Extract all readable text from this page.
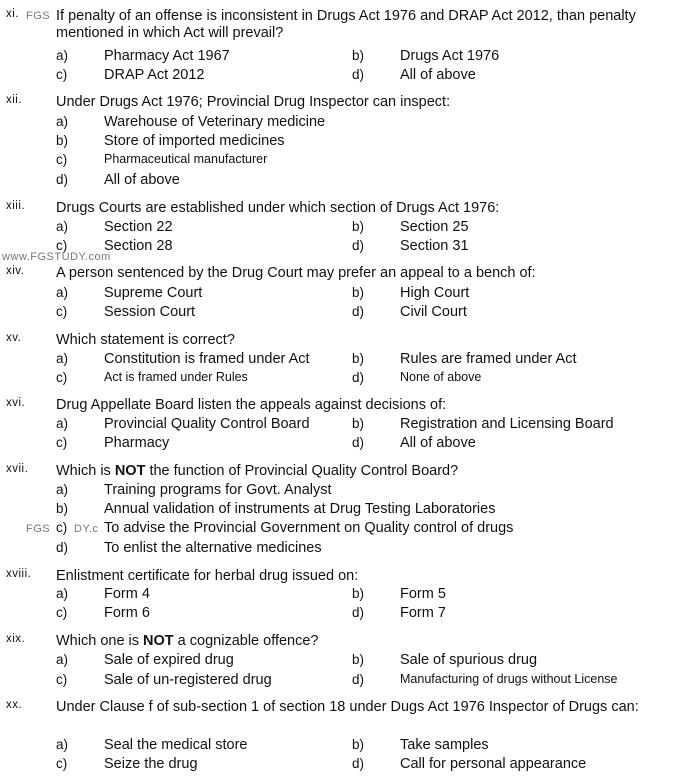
xi. FGS If penalty of an offense is inconsistent in Drugs Act 1976 and DRAP Act 2012, than penalty mentioned in which Act will prevail?
a) Pharmacy Act 1967	b) Drugs Act 1976
c)	DRAP Act 2012	d) All of above
xii. Under Drugs Act 1976; Provincial Drug Inspector can inspect:
a) Warehouse of Veterinary medicine
b) Store of imported medicines
c)	Pharmaceutical manufacturer
d) All of above
xiii. Drugs Courts are established under which section of Drugs Act 1976:
a) Section 22	b) Section 25
c)	Section 28	d) Section 31
www.FGSTUDY.com
xiv. A person sentenced by the Drug Court may prefer an appeal to a bench of:
a) Supreme Court	b) High Court
c)	Session Court	d) Civil Court
xv. Which statement is correct?
a) Constitution is framed under Act	b) Rules are framed under Act
c)	Act is framed under Rules	d)	None of above
xvi. Drug Appellate Board listen the appeals against decisions of:
a) Provincial Quality Control Board	b) Registration and Licensing Board
c)	Pharmacy	d) All of above
xvii. Which is NOT the function of Provincial Quality Control Board?
a) Training programs for Govt. Analyst
b) Annual validation of instruments at Drug Testing Laboratories
FGS c) DY.c To advise the Provincial Government on Quality control of drugs
d) To enlist the alternative medicines
xviii. Enlistment certificate for herbal drug issued on:
a) Form 4	b) Form 5
c)	Form 6	d) Form 7
xix. Which one is NOT a cognizable offence?
a) Sale of expired drug	b) Sale of spurious drug
c)	Sale of un-registered drug	d)	Manufacturing of drugs without License
xx. Under Clause f of sub-section 1 of section 18 under Dugs Act 1976 Inspector of Drugs can:
a) Seal the medical store	b) Take samples
c)	Seize the drug	d) Call for personal appearance
